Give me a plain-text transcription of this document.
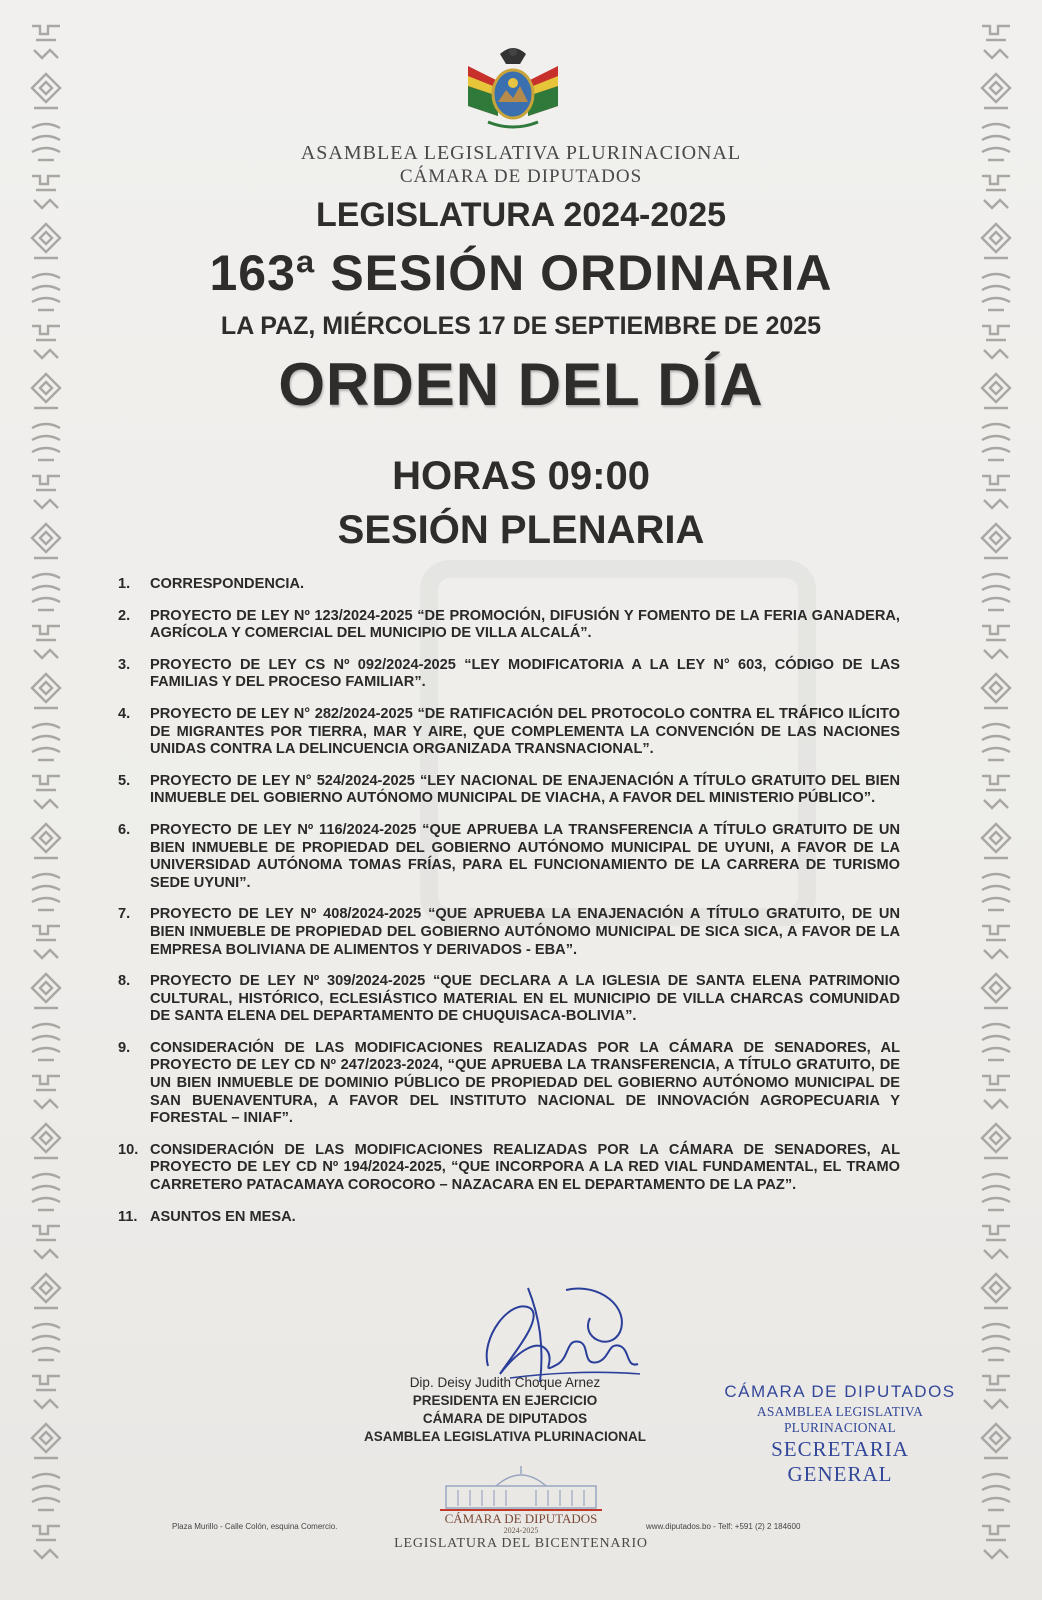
ASAMBLEA LEGISLATIVA PLURINACIONAL
CÁMARA DE DIPUTADOS
LEGISLATURA 2024-2025
163ª SESIÓN ORDINARIA
LA PAZ, MIÉRCOLES 17 DE SEPTIEMBRE DE 2025
ORDEN DEL DÍA
HORAS 09:00
SESIÓN PLENARIA
1.	CORRESPONDENCIA.
2.	PROYECTO DE LEY Nº 123/2024-2025 “DE PROMOCIÓN, DIFUSIÓN Y FOMENTO DE LA FERIA GANADERA, AGRÍCOLA Y COMERCIAL DEL MUNICIPIO DE VILLA ALCALÁ”.
3.	PROYECTO DE LEY CS Nº 092/2024-2025 “LEY MODIFICATORIA A LA LEY N° 603, CÓDIGO DE LAS FAMILIAS Y DEL PROCESO FAMILIAR”.
4.	PROYECTO DE LEY N° 282/2024-2025 “DE RATIFICACIÓN DEL PROTOCOLO CONTRA EL TRÁFICO ILÍCITO DE MIGRANTES POR TIERRA, MAR Y AIRE, QUE COMPLEMENTA LA CONVENCIÓN DE LAS NACIONES UNIDAS CONTRA LA DELINCUENCIA ORGANIZADA TRANSNACIONAL”.
5.	PROYECTO DE LEY N° 524/2024-2025 “LEY NACIONAL DE ENAJENACIÓN A TÍTULO GRATUITO DEL BIEN INMUEBLE DEL GOBIERNO AUTÓNOMO MUNICIPAL DE VIACHA, A FAVOR DEL MINISTERIO PÚBLICO”.
6.	PROYECTO DE LEY Nº 116/2024-2025 “QUE APRUEBA LA TRANSFERENCIA A TÍTULO GRATUITO DE UN BIEN INMUEBLE DE PROPIEDAD DEL GOBIERNO AUTÓNOMO MUNICIPAL DE UYUNI, A FAVOR DE LA UNIVERSIDAD AUTÓNOMA TOMAS FRÍAS, PARA EL FUNCIONAMIENTO DE LA CARRERA DE TURISMO SEDE UYUNI”.
7.	PROYECTO DE LEY Nº 408/2024-2025 “QUE APRUEBA LA ENAJENACIÓN A TÍTULO GRATUITO, DE UN BIEN INMUEBLE DE PROPIEDAD DEL GOBIERNO AUTÓNOMO MUNICIPAL DE SICA SICA, A FAVOR DE LA EMPRESA BOLIVIANA DE ALIMENTOS Y DERIVADOS - EBA”.
8.	PROYECTO DE LEY Nº 309/2024-2025 “QUE DECLARA A LA IGLESIA DE SANTA ELENA PATRIMONIO CULTURAL, HISTÓRICO, ECLESIÁSTICO MATERIAL EN EL MUNICIPIO DE VILLA CHARCAS COMUNIDAD DE SANTA ELENA DEL DEPARTAMENTO DE CHUQUISACA-BOLIVIA”.
9.	CONSIDERACIÓN DE LAS MODIFICACIONES REALIZADAS POR LA CÁMARA DE SENADORES, AL PROYECTO DE LEY CD Nº 247/2023-2024, “QUE APRUEBA LA TRANSFERENCIA, A TÍTULO GRATUITO, DE UN BIEN INMUEBLE DE DOMINIO PÚBLICO DE PROPIEDAD DEL GOBIERNO AUTÓNOMO MUNICIPAL DE SAN BUENAVENTURA, A FAVOR DEL INSTITUTO NACIONAL DE INNOVACIÓN AGROPECUARIA Y FORESTAL – INIAF”.
10. CONSIDERACIÓN DE LAS MODIFICACIONES REALIZADAS POR LA CÁMARA DE SENADORES, AL PROYECTO DE LEY CD Nº 194/2024-2025, “QUE INCORPORA A LA RED VIAL FUNDAMENTAL, EL TRAMO CARRETERO PATACAMAYA COROCORO – NAZACARA EN EL DEPARTAMENTO DE LA PAZ”.
11. ASUNTOS EN MESA.
Dip. Deisy Judith Choque Arnez
PRESIDENTA EN EJERCICIO
CÁMARA DE DIPUTADOS
ASAMBLEA LEGISLATIVA PLURINACIONAL
CÁMARA DE DIPUTADOS
ASAMBLEA LEGISLATIVA PLURINACIONAL
SECRETARIA GENERAL
CÁMARA DE DIPUTADOS
2024-2025
LEGISLATURA DEL BICENTENARIO
Plaza Murillo - Calle Colón, esquina Comercio.	www.diputados.bo - Telf: +591 (2) 2 184600
